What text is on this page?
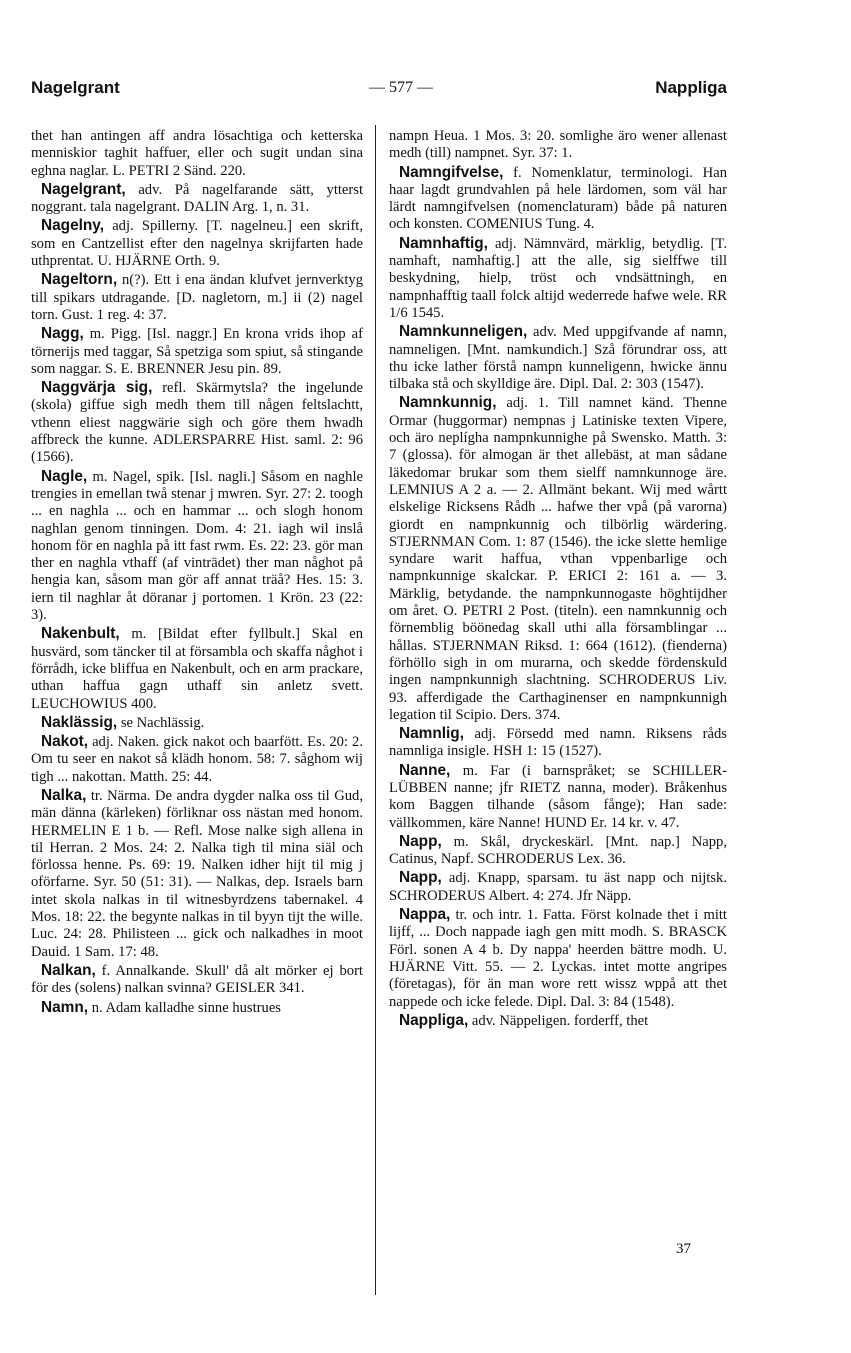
Nagelgrant	— 577 —	Nappliga

thet han antingen aff andra lösachtiga och ketterska menniskior taghit haffuer, eller och sugit undan sina eghna naglar. L. PETRI 2 Sänd. 220.

Nagelgrant, adv. På nagelfarande sätt, ytterst noggrant. tala nagelgrant. DALIN Arg. 1, n. 31.

Nagelny, adj. Spillerny. [T. nagelneu.] een skrift, som en Cantzellist efter den nagelnya skrijfarten hade uthprentat. U. HJÄRNE Orth. 9.

Nageltorn, n(?). Ett i ena ändan klufvet jernverktyg till spikars utdragande. [D. nagletorn, m.] ii (2) nagel torn. Gust. 1 reg. 4: 37.

Nagg, m. Pigg. [Isl. naggr.] En krona vrids ihop af törnerijs med taggar, Så spetziga som spiut, så stingande som naggar. S. E. BRENNER Jesu pin. 89.

Naggvärja sig, refl. Skärmytsla? the ingelunde (skola) giffue sigh medh them till någen feltslachtt, vthenn eliest naggwärie sigh och göre them hwadh affbreck the kunne. ADLERSPARRE Hist. saml. 2: 96 (1566).

Nagle, m. Nagel, spik. [Isl. nagli.] Såsom en naghle trengies in emellan twå stenar j mwren. Syr. 27: 2. toogh ... en naghla ... och en hammar ... och slogh honom naghlan genom tinningen. Dom. 4: 21. iagh wil inslå honom för en naghla på itt fast rwm. Es. 22: 23. gör man ther en naghla vthaff (af vinträdet) ther man någhot på hengia kan, såsom man gör aff annat träå? Hes. 15: 3. iern til naghlar åt döranar j portomen. 1 Krön. 23 (22: 3).

Nakenbult, m. [Bildat efter fyllbult.] Skal en husvärd, som täncker til at försambla och skaffa någhot i förrådh, icke bliffua en Nakenbult, och en arm prackare, uthan haffua gagn uthaff sin anletz svett. LEUCHOWIUS 400.

Naklässig, se Nachlässig.

Nakot, adj. Naken. gick nakot och baarfött. Es. 20: 2. Om tu seer en nakot så klädh honom. 58: 7. såghom wij tigh ... nakottan. Matth. 25: 44.

Nalka, tr. Närma. De andra dygder nalka oss til Gud, män dänna (kärleken) förliknar oss nästan med honom. HERMELIN E 1 b. — Refl. Mose nalke sigh allena in til Herran. 2 Mos. 24: 2. Nalka tigh til mina siäl och förlossa henne. Ps. 69: 19. Nalken idher hijt til mig j oförfarne. Syr. 50 (51: 31). — Nalkas, dep. Israels barn intet skola nalkas in til witnesbyrdzens tabernakel. 4 Mos. 18: 22. the begynte nalkas in til byyn tijt the wille. Luc. 24: 28. Philisteen ... gick och nalkadhes in moot Dauid. 1 Sam. 17: 48.

Nalkan, f. Annalkande. Skull' då alt mörker ej bort för des (solens) nalkan svinna? GEISLER 341.

Namn, n. Adam kalladhe sinne hustrues

nampn Heua. 1 Mos. 3: 20. somlighe äro wener allenast medh (till) nampnet. Syr. 37: 1.

Namngifvelse, f. Nomenklatur, terminologi. Han haar lagdt grundvahlen på hele lärdomen, som väl har lärdt namngifvelsen (nomenclaturam) både på naturen och konsten. COMENIUS Tung. 4.

Namnhaftig, adj. Nämnvärd, märklig, betydlig. [T. namhaft, namhaftig.] att the alle, sig sielffwe till beskydning, hielp, tröst och vndsättningh, en nampnhafftig taall folck altijd wederrede hafwe wele. RR 1/6 1545.

Namnkunneligen, adv. Med uppgifvande af namn, namneligen. [Mnt. namkundich.] Szå förundrar oss, att thu icke lather förstå nampn kunneligenn, hwicke ännu tilbaka stå och skylldige äre. Dipl. Dal. 2: 303 (1547).

Namnkunnig, adj. 1. Till namnet känd. Thenne Ormar (huggormar) nempnas j Latiniske texten Vipere, och äro neplígha nampnkunnighe på Swensko. Matth. 3: 7 (glossa). för almogan är thet allebäst, at man sådane läkedomar brukar som them sielff namnkunnoge äre. LEMNIUS A 2 a. — 2. Allmänt bekant. Wij med wårtt elskelige Ricksens Rådh ... hafwe ther vpå (på varorna) giordt en nampnkunnig och tilbörlig wärdering. STJERNMAN Com. 1: 87 (1546). the icke slette hemlige syndare warit haffua, vthan vppenbarlige och nampnkunnige skalckar. P. ERICI 2: 161 a. — 3. Märklig, betydande. the nampnkunnogaste höghtijdher om året. O. PETRI 2 Post. (titeln). een namnkunnig och förnemblig böönedag skall uthi alla församblingar ... hållas. STJERNMAN Riksd. 1: 664 (1612). (fienderna) förhöllo sigh in om murarna, och skedde fördenskuld ingen nampnkunnigh slachtning. SCHRODERUS Liv. 93. afferdigade the Carthaginenser en nampnkunnigh legation til Scipio. Ders. 374.

Namnlig, adj. Försedd med namn. Riksens råds namnliga insigle. HSH 1: 15 (1527).

Nanne, m. Far (i barnspråket; se SCHILLER-LÜBBEN nanne; jfr RIETZ nanna, moder). Bråkenhus kom Baggen tilhande (såsom fånge); Han sade: vällkommen, käre Nanne! HUND Er. 14 kr. v. 47.

Napp, m. Skål, dryckeskärl. [Mnt. nap.] Napp, Catinus, Napf. SCHRODERUS Lex. 36.

Napp, adj. Knapp, sparsam. tu äst napp och nijtsk. SCHRODERUS Albert. 4: 274. Jfr Näpp.

Nappa, tr. och intr. 1. Fatta. Först kolnade thet i mitt lijff, ... Doch nappade iagh gen mitt modh. S. BRASCK Förl. sonen A 4 b. Dy nappa' heerden bättre modh. U. HJÄRNE Vitt. 55. — 2. Lyckas. intet motte angripes (företagas), för än man wore rett wissz wppå att thet nappede och icke felede. Dipl. Dal. 3: 84 (1548).

Nappliga, adv. Näppeligen. forderff, thet

37
